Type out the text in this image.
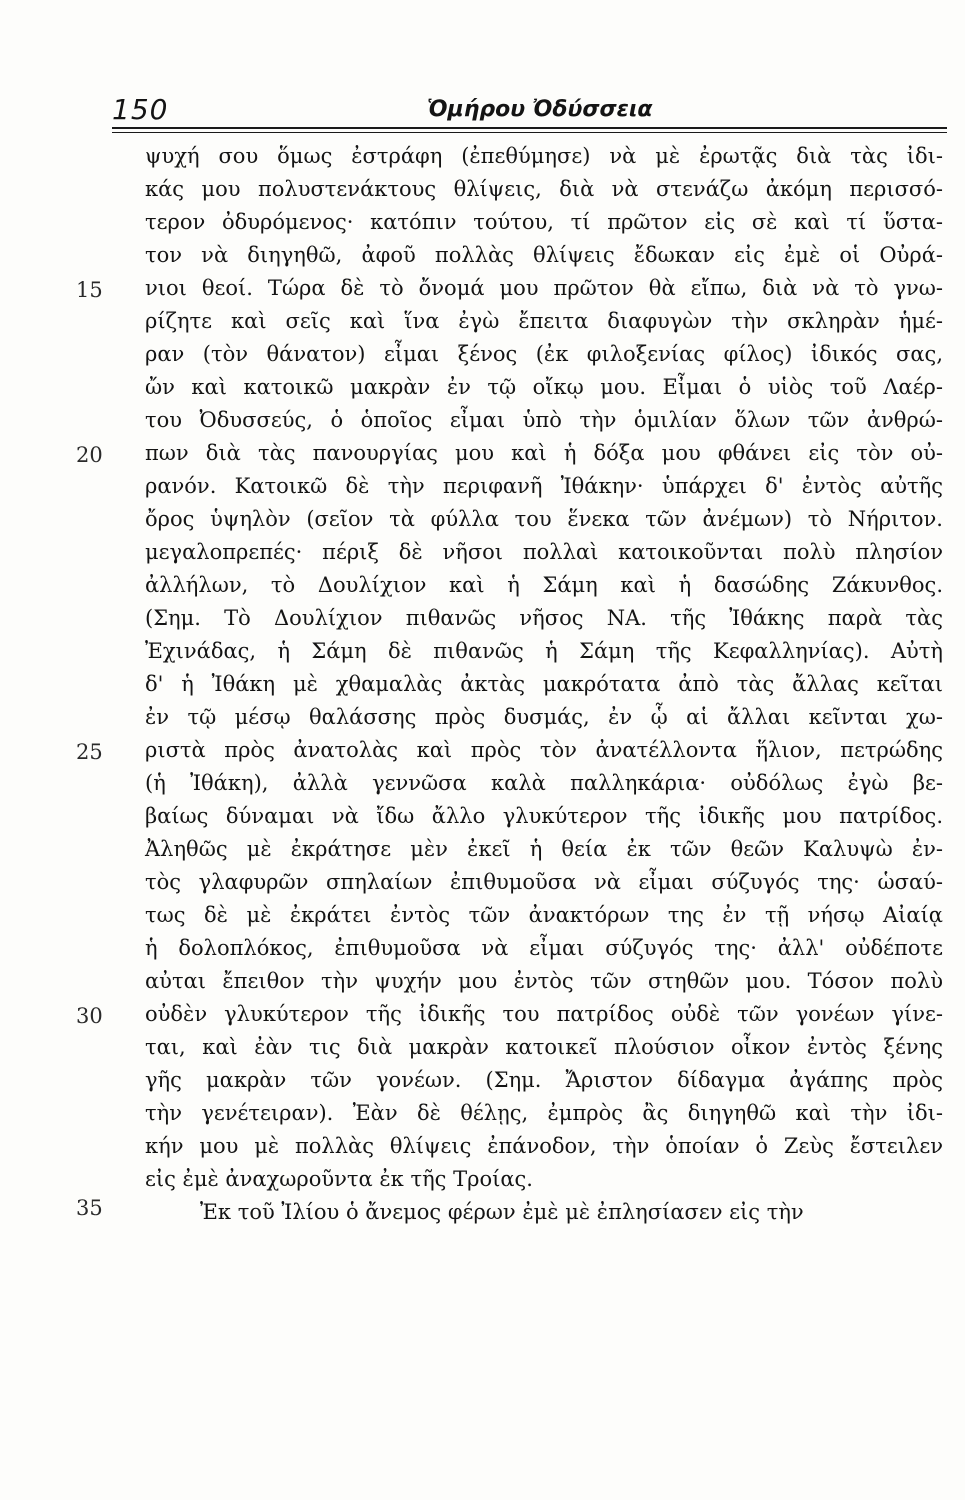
150	Ὁμήρου Ὀδύσσεια
15
20
25
30
35
ψυχή σου ὅμως ἐστράφη (ἐπεθύμησε) νὰ μὲ ἐρωτᾷς διὰ τὰς ἰδι-
κάς μου πολυστενάκτους θλίψεις, διὰ νὰ στενάζω ἀκόμη περισσό-
τερον ὀδυρόμενος· κατόπιν τούτου, τί πρῶτον εἰς σὲ καὶ τί ὕστα-
τον νὰ διηγηθῶ, ἀφοῦ πολλὰς θλίψεις ἔδωκαν εἰς ἐμὲ οἱ Οὐρά-
νιοι θεοί. Τώρα δὲ τὸ ὄνομά μου πρῶτον θὰ εἴπω, διὰ νὰ τὸ γνω-
ρίζητε καὶ σεῖς καὶ ἵνα ἐγὼ ἔπειτα διαφυγὼν τὴν σκληρὰν ἡμέ-
ραν (τὸν θάνατον) εἶμαι ξένος (ἐκ φιλοξενίας φίλος) ἰδικός σας,
ὤν καὶ κατοικῶ μακρὰν ἐν τῷ οἴκῳ μου. Εἶμαι ὁ υἱὸς τοῦ Λαέρ-
του Ὀδυσσεύς, ὁ ὁποῖος εἶμαι ὑπὸ τὴν ὁμιλίαν ὅλων τῶν ἀνθρώ-
πων διὰ τὰς πανουργίας μου καὶ ἡ δόξα μου φθάνει εἰς τὸν οὐ-
ρανόν. Κατοικῶ δὲ τὴν περιφανῆ Ἰθάκην· ὑπάρχει δ' ἐντὸς αὐτῆς
ὄρος ὑψηλὸν (σεῖον τὰ φύλλα του ἕνεκα τῶν ἀνέμων) τὸ Νήριτον.
μεγαλοπρεπές· πέριξ δὲ νῆσοι πολλαὶ κατοικοῦνται πολὺ πλησίον
ἀλλήλων, τὸ Δουλίχιον καὶ ἡ Σάμη καὶ ἡ δασώδης Ζάκυνθος.
(Σημ. Τὸ Δουλίχιον πιθανῶς νῆσος ΝΑ. τῆς Ἰθάκης παρὰ τὰς
Ἐχινάδας, ἡ Σάμη δὲ πιθανῶς ἡ Σάμη τῆς Κεφαλληνίας). Αὐτὴ
δ' ἡ Ἰθάκη μὲ χθαμαλὰς ἀκτὰς μακρότατα ἀπὸ τὰς ἄλλας κεῖται
ἐν τῷ μέσῳ θαλάσσης πρὸς δυσμάς, ἐν ᾧ αἱ ἄλλαι κεῖνται χω-
ριστὰ πρὸς ἀνατολὰς καὶ πρὸς τὸν ἀνατέλλοντα ἥλιον, πετρώδης
(ἡ Ἰθάκη), ἀλλὰ γεννῶσα καλὰ παλληκάρια· οὐδόλως ἐγὼ βε-
βαίως δύναμαι νὰ ἴδω ἄλλο γλυκύτερον τῆς ἰδικῆς μου πατρίδος.
Ἀληθῶς μὲ ἐκράτησε μὲν ἐκεῖ ἡ θεία ἐκ τῶν θεῶν Καλυψὼ ἐν-
τὸς γλαφυρῶν σπηλαίων ἐπιθυμοῦσα νὰ εἶμαι σύζυγός της· ὡσαύ-
τως δὲ μὲ ἐκράτει ἐντὸς τῶν ἀνακτόρων της ἐν τῇ νήσῳ Αἰαίᾳ
ἡ δολοπλόκος, ἐπιθυμοῦσα νὰ εἶμαι σύζυγός της· ἀλλ' οὐδέποτε
αὐται ἔπειθον τὴν ψυχήν μου ἐντὸς τῶν στηθῶν μου. Τόσον πολὺ
οὐδὲν γλυκύτερον τῆς ἰδικῆς του πατρίδος οὐδὲ τῶν γονέων γίνε-
ται, καὶ ἐὰν τις διὰ μακρὰν κατοικεῖ πλούσιον οἶκον ἐντὸς ξένης
γῆς μακρὰν τῶν γονέων. (Σημ. Ἄριστον δίδαγμα ἀγάπης πρὸς
τὴν γενέτειραν). Ἐὰν δὲ θέλῃς, ἐμπρὸς ἂς διηγηθῶ καὶ τὴν ἰδι-
κήν μου μὲ πολλὰς θλίψεις ἐπάνοδον, τὴν ὁποίαν ὁ Ζεὺς ἔστειλεν
εἰς ἐμὲ ἀναχωροῦντα ἐκ τῆς Τροίας.
Ἐκ τοῦ Ἰλίου ὁ ἄνεμος φέρων ἐμὲ μὲ ἐπλησίασεν εἰς τὴν
